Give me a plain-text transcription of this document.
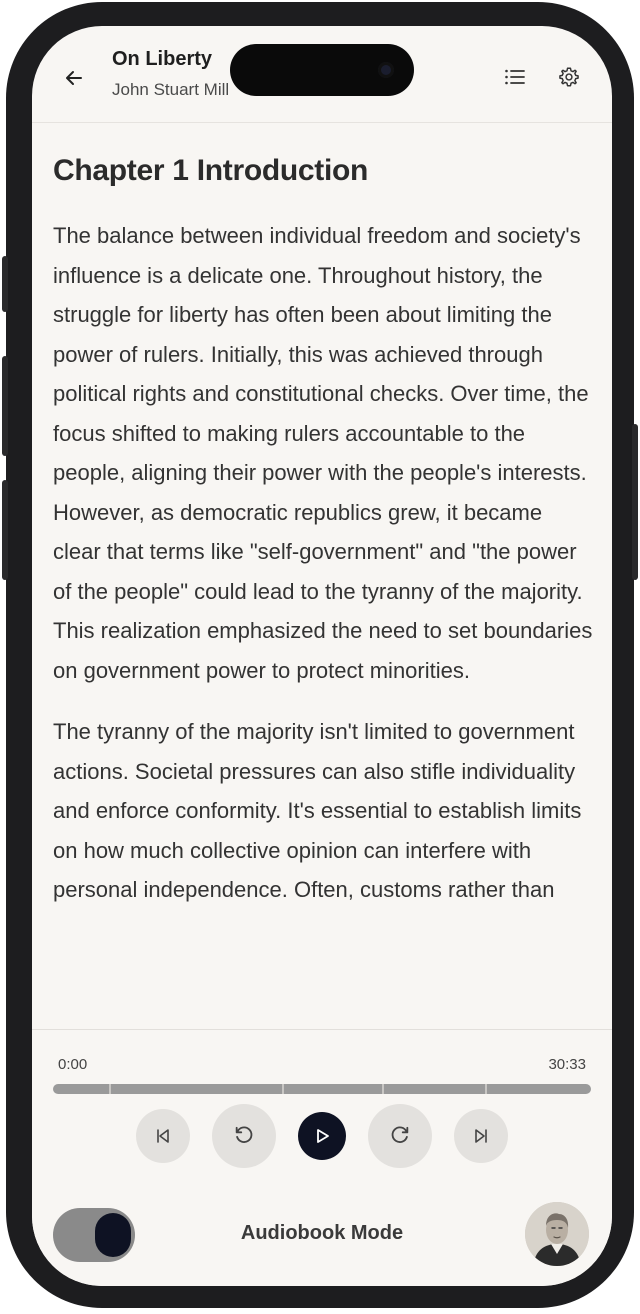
On Liberty
John Stuart Mill
Chapter 1 Introduction

The balance between individual freedom and society's influence is a delicate one. Throughout history, the struggle for liberty has often been about limiting the power of rulers. Initially, this was achieved through political rights and constitutional checks. Over time, the focus shifted to making rulers accountable to the people, aligning their power with the people's interests. However, as democratic republics grew, it became clear that terms like "self-government" and "the power of the people" could lead to the tyranny of the majority. This realization emphasized the need to set boundaries on government power to protect minorities.

The tyranny of the majority isn't limited to government actions. Societal pressures can also stifle individuality and enforce conformity. It's essential to establish limits on how much collective opinion can interfere with personal independence. Often, customs rather than

0:00	30:33
Audiobook Mode
